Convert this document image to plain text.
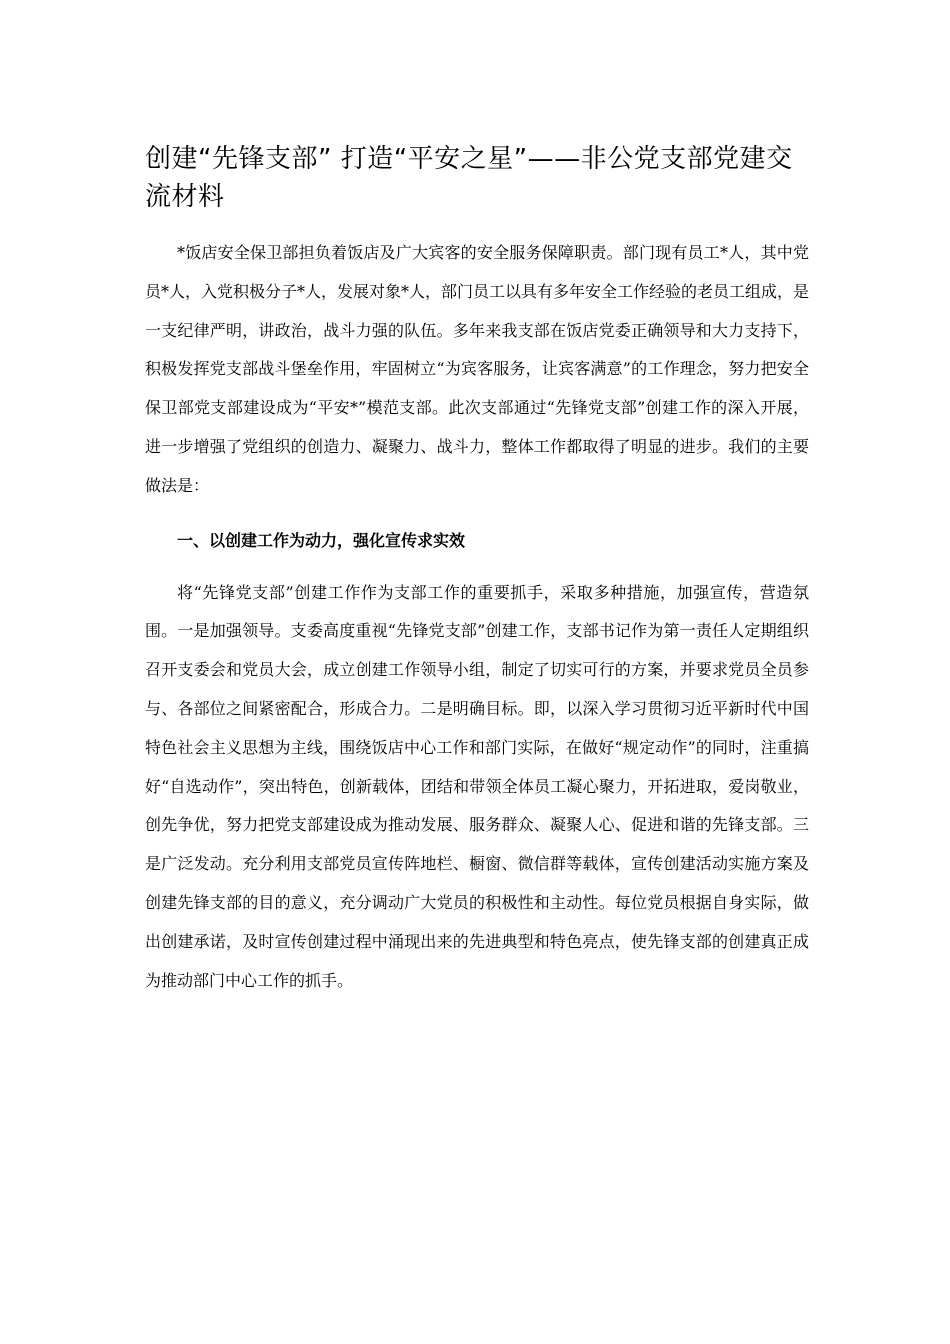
创建“先锋支部” 打造“平安之星”——非公党支部党建交流材料

*饭店安全保卫部担负着饭店及广大宾客的安全服务保障职责。部门现有员工*人，其中党员*人，入党积极分子*人，发展对象*人，部门员工以具有多年安全工作经验的老员工组成，是一支纪律严明，讲政治，战斗力强的队伍。多年来我支部在饭店党委正确领导和大力支持下，积极发挥党支部战斗堡垒作用，牢固树立“为宾客服务，让宾客满意”的工作理念，努力把安全保卫部党支部建设成为“平安*”模范支部。此次支部通过“先锋党支部”创建工作的深入开展，进一步增强了党组织的创造力、凝聚力、战斗力，整体工作都取得了明显的进步。我们的主要做法是：

一、以创建工作为动力，强化宣传求实效

将“先锋党支部”创建工作作为支部工作的重要抓手，采取多种措施，加强宣传，营造氛围。一是加强领导。支委高度重视“先锋党支部”创建工作，支部书记作为第一责任人定期组织召开支委会和党员大会，成立创建工作领导小组，制定了切实可行的方案，并要求党员全员参与、各部位之间紧密配合，形成合力。二是明确目标。即，以深入学习贯彻习近平新时代中国特色社会主义思想为主线，围绕饭店中心工作和部门实际，在做好“规定动作”的同时，注重搞好“自选动作”，突出特色，创新载体，团结和带领全体员工凝心聚力，开拓进取，爱岗敬业，创先争优，努力把党支部建设成为推动发展、服务群众、凝聚人心、促进和谐的先锋支部。三是广泛发动。充分利用支部党员宣传阵地栏、橱窗、微信群等载体，宣传创建活动实施方案及创建先锋支部的目的意义，充分调动广大党员的积极性和主动性。每位党员根据自身实际，做出创建承诺，及时宣传创建过程中涌现出来的先进典型和特色亮点，使先锋支部的创建真正成为推动部门中心工作的抓手。
